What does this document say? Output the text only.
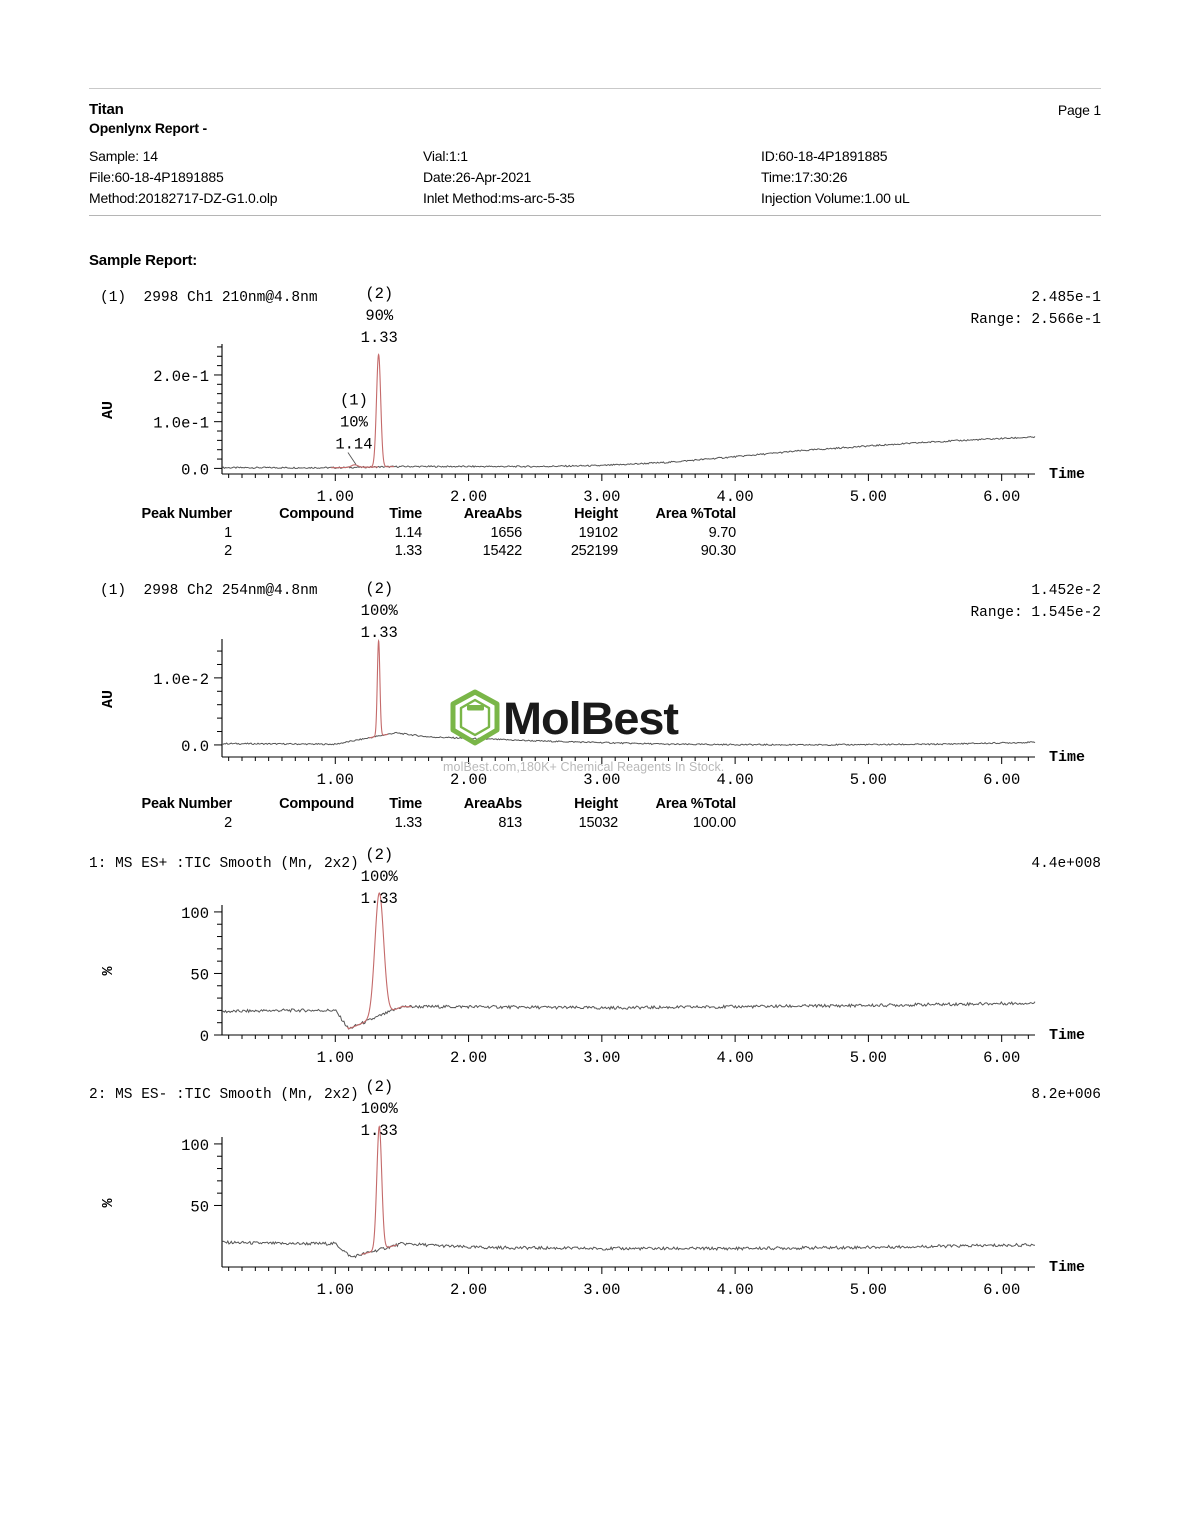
Titan
Openlynx Report -
Page 1
Sample: 14	Vial:1:1	ID:60-18-4P1891885
File:60-18-4P1891885	Date:26-Apr-2021	Time:17:30:26
Method:20182717-DZ-G1.0.olp	Inlet Method:ms-arc-5-35	Injection Volume:1.00 uL
Sample Report:
(1)  2998 Ch1 210nm@4.8nm	2.485e-1
Range: 2.566e-1
1.00	2.00	3.00	4.00	5.00	6.00
Time
0.0
1.0e-1
2.0e-1
AU
(2)
90%
1.33
(1)
10%
1.14
Peak Number	Compound	Time	AreaAbs	Height	Area %Total
1		1.14	1656	19102	9.70
2		1.33	15422	252199	90.30
(1)  2998 Ch2 254nm@4.8nm	1.452e-2
Range: 1.545e-2
1.00	2.00	3.00	4.00	5.00	6.00
Time
0.0
1.0e-2
AU
(2)
100%
1.33
MolBest
molBest.com,180K+ Chemical Reagents In Stock.
Peak Number	Compound	Time	AreaAbs	Height	Area %Total
2		1.33	813	15032	100.00
1: MS ES+ :TIC Smooth (Mn, 2x2)	4.4e+008
1.00	2.00	3.00	4.00	5.00	6.00
Time
0
50
100
%
(2)
100%
1.33
2: MS ES- :TIC Smooth (Mn, 2x2)	8.2e+006
1.00	2.00	3.00	4.00	5.00	6.00
Time
50
100
%
(2)
100%
1.33
